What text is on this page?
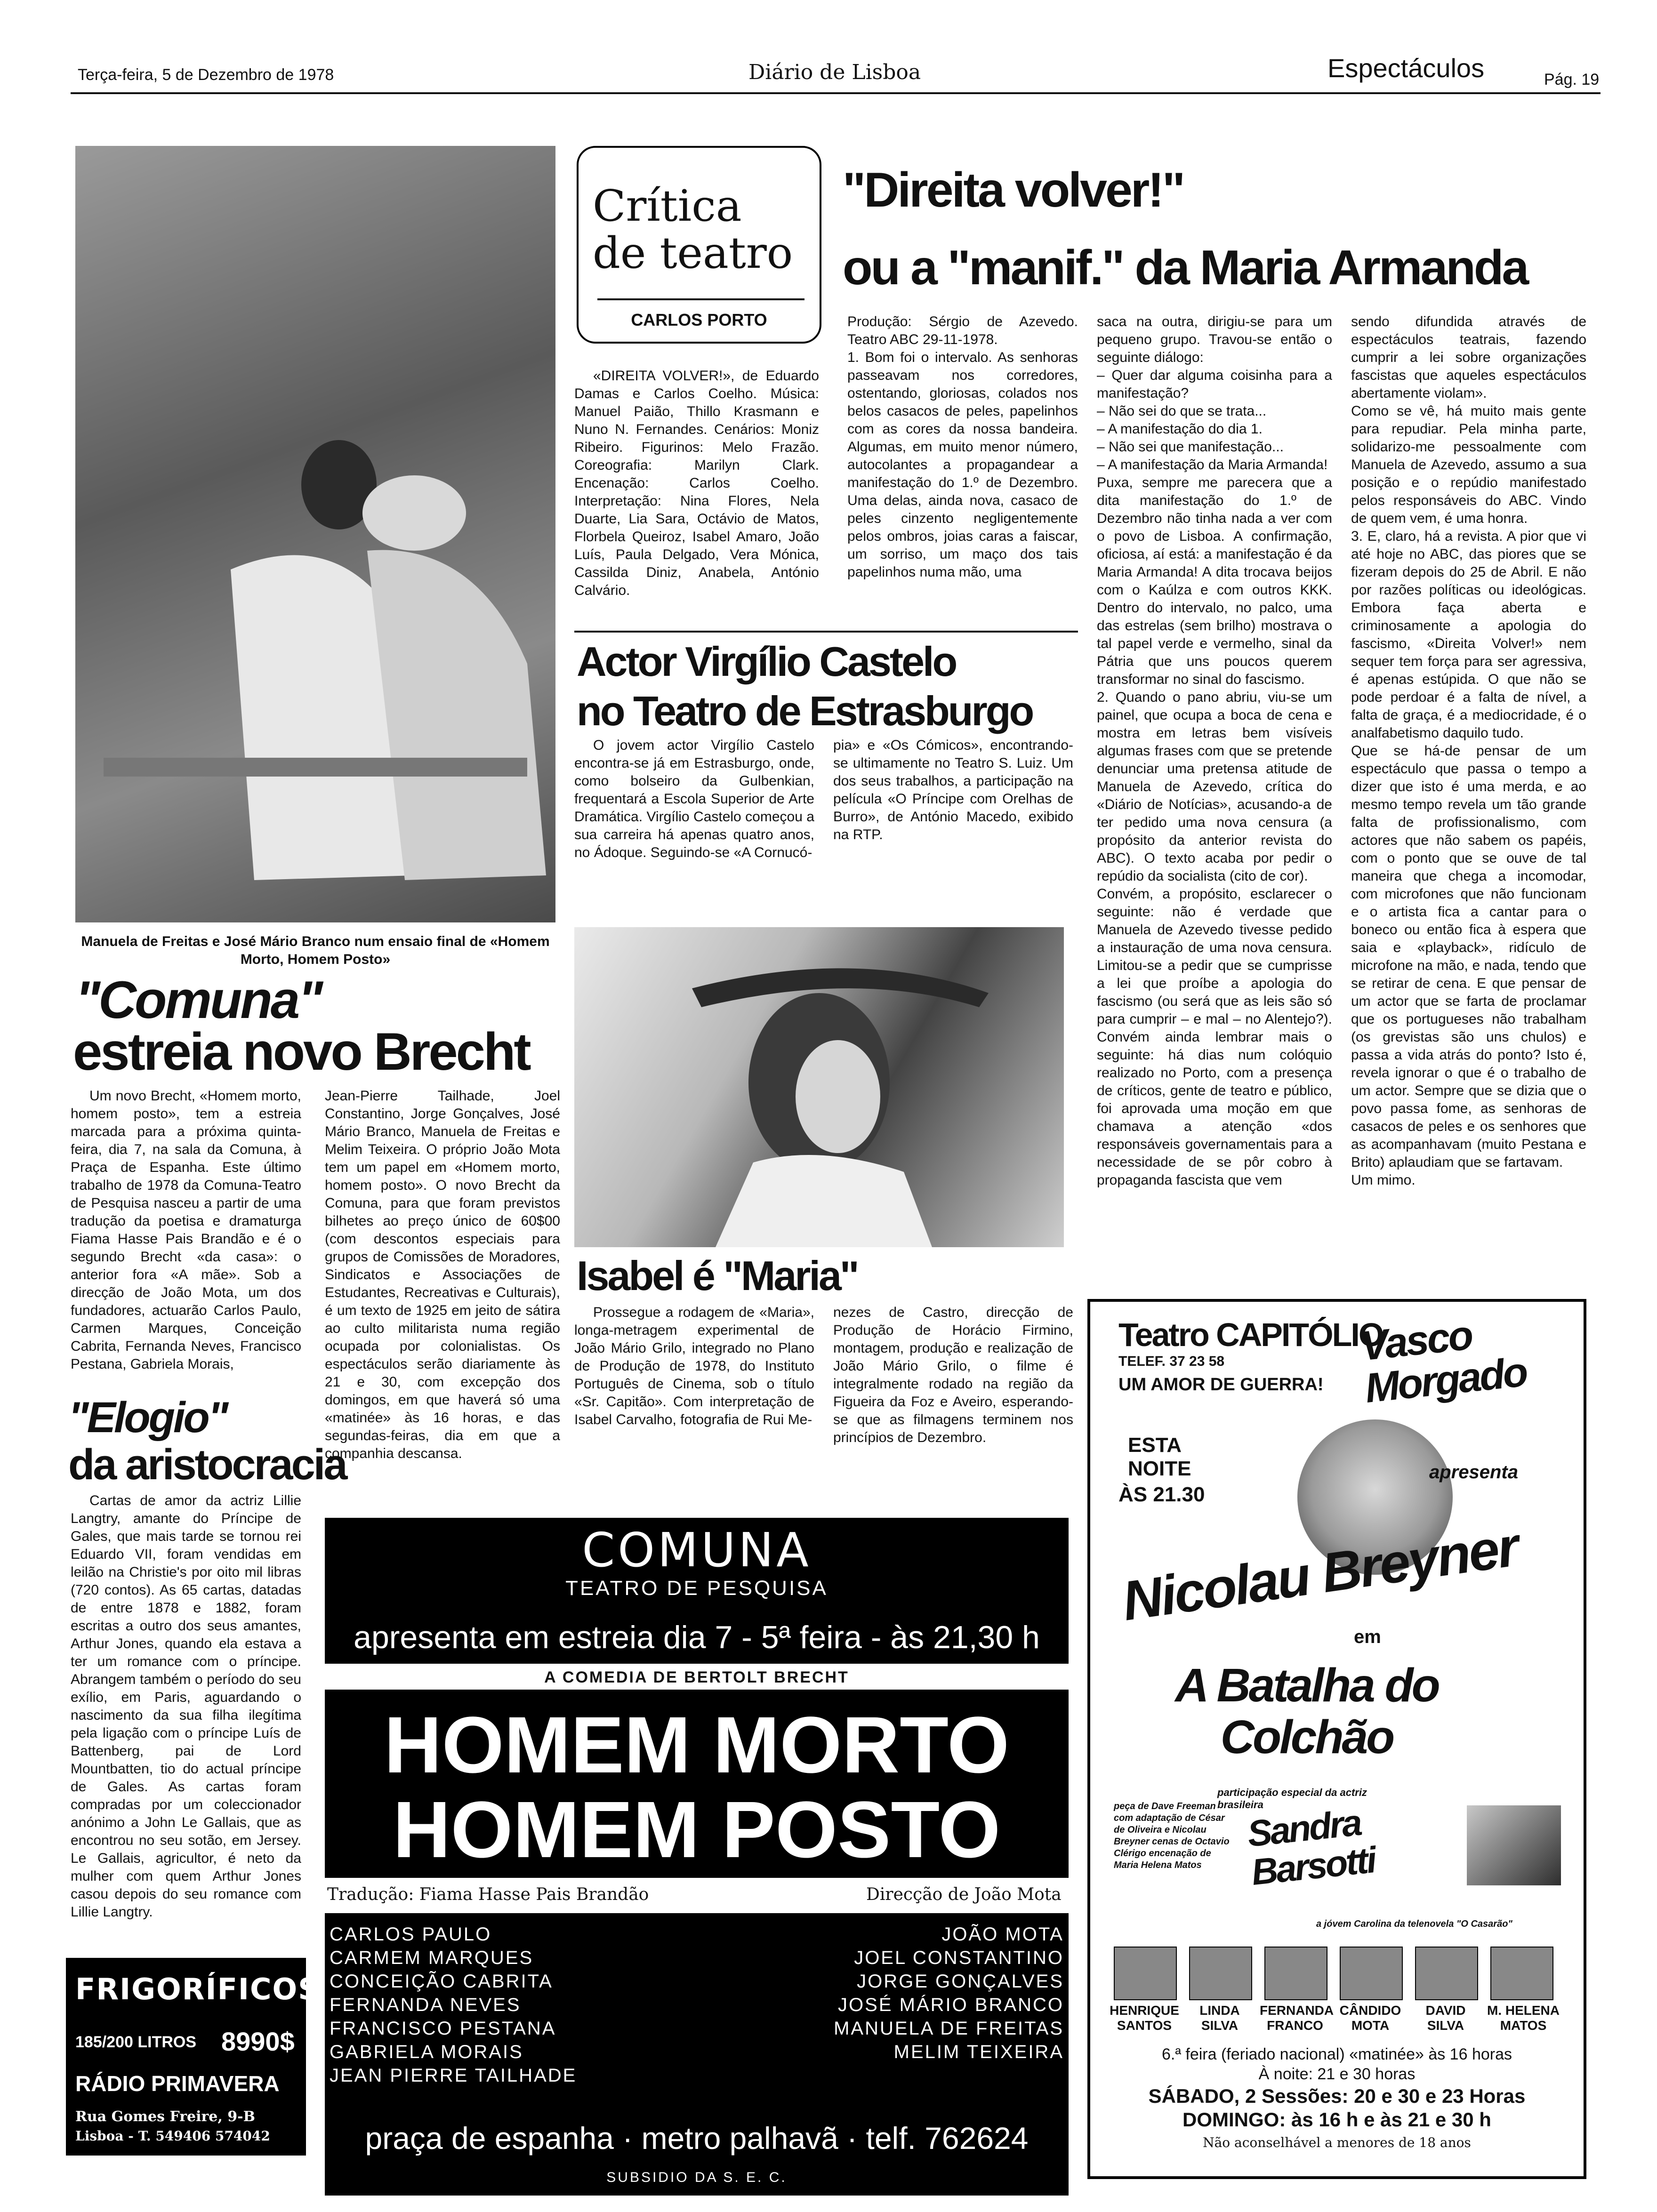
Terça-feira, 5 de Dezembro de 1978	Diário de Lisboa	Espectáculos	Pág. 19
Manuela de Freitas e José Mário Branco num ensaio final de «Homem Morto, Homem Posto»
"Comuna"
estreia novo Brecht
Um novo Brecht, «Homem morto, homem posto», tem a estreia marcada para a próxima quinta-feira, dia 7, na sala da Comuna, à Praça de Espanha. Este último trabalho de 1978 da Comuna-Teatro de Pesquisa nasceu a partir de uma tradução da poetisa e dramaturga Fiama Hasse Pais Brandão e é o segundo Brecht «da casa»: o anterior fora «A mãe». Sob a direcção de João Mota, um dos fundadores, actuarão Carlos Paulo, Carmen Marques, Conceição Cabrita, Fernanda Neves, Francisco Pestana, Gabriela Morais,
Jean-Pierre Tailhade, Joel Constantino, Jorge Gonçalves, José Mário Branco, Manuela de Freitas e Melim Teixeira. O próprio João Mota tem um papel em «Homem morto, homem posto». O novo Brecht da Comuna, para que foram previstos bilhetes ao preço único de 60$00 (com descontos especiais para grupos de Comissões de Moradores, Sindicatos e Associações de Estudantes, Recreativas e Culturais), é um texto de 1925 em jeito de sátira ao culto militarista numa região ocupada por colonialistas. Os espectáculos serão diariamente às 21 e 30, com excepção dos domingos, em que haverá só uma «matinée» às 16 horas, e das segundas-feiras, dia em que a companhia descansa.
"Elogio"
da aristocracia
Cartas de amor da actriz Lillie Langtry, amante do Príncipe de Gales, que mais tarde se tornou rei Eduardo VII, foram vendidas em leilão na Christie's por oito mil libras (720 contos). As 65 cartas, datadas de entre 1878 e 1882, foram escritas a outro dos seus amantes, Arthur Jones, quando ela estava a ter um romance com o príncipe. Abrangem também o período do seu exílio, em Paris, aguardando o nascimento da sua filha ilegítima pela ligação com o príncipe Luís de Battenberg, pai de Lord Mountbatten, tio do actual príncipe de Gales. As cartas foram compradas por um coleccionador anónimo a John Le Gallais, que as encontrou no seu sotão, em Jersey. Le Gallais, agricultor, é neto da mulher com quem Arthur Jones casou depois do seu romance com Lillie Langtry.
FRIGORÍFICOS
185/200 LITROS 8990$
RÁDIO PRIMAVERA
Rua Gomes Freire, 9-B
Lisboa - T. 549406 574042
Crítica
de teatro
CARLOS PORTO
«DIREITA VOLVER!», de Eduardo Damas e Carlos Coelho. Música: Manuel Paião, Thillo Krasmann e Nuno N. Fernandes. Cenários: Moniz Ribeiro. Figurinos: Melo Frazão. Coreografia: Marilyn Clark. Encenação: Carlos Coelho. Interpretação: Nina Flores, Nela Duarte, Lia Sara, Octávio de Matos, Florbela Queiroz, Isabel Amaro, João Luís, Paula Delgado, Vera Mónica, Cassilda Diniz, Anabela, António Calvário.
"Direita volver!"
ou a "manif." da Maria Armanda
Produção: Sérgio de Azevedo. Teatro ABC 29-11-1978.
1. Bom foi o intervalo. As senhoras passeavam nos corredores, ostentando, gloriosas, colados nos belos casacos de peles, papelinhos com as cores da nossa bandeira. Algumas, em muito menor número, autocolantes a propagandear a manifestação do 1.º de Dezembro. Uma delas, ainda nova, casaco de peles cinzento negligentemente pelos ombros, joias caras a faiscar, um sorriso, um maço dos tais papelinhos numa mão, uma
saca na outra, dirigiu-se para um pequeno grupo. Travou-se então o seguinte diálogo:
– Quer dar alguma coisinha para a manifestação?
– Não sei do que se trata...
– A manifestação do dia 1.
– Não sei que manifestação...
– A manifestação da Maria Armanda!
Puxa, sempre me parecera que a dita manifestação do 1.º de Dezembro não tinha nada a ver com o povo de Lisboa. A confirmação, oficiosa, aí está: a manifestação é da Maria Armanda! A dita trocava beijos com o Kaúlza e com outros KKK. Dentro do intervalo, no palco, uma das estrelas (sem brilho) mostrava o tal papel verde e vermelho, sinal da Pátria que uns poucos querem transformar no sinal do fascismo.
2. Quando o pano abriu, viu-se um painel, que ocupa a boca de cena e mostra em letras bem visíveis algumas frases com que se pretende denunciar uma pretensa atitude de Manuela de Azevedo, crítica do «Diário de Notícias», acusando-a de ter pedido uma nova censura (a propósito da anterior revista do ABC). O texto acaba por pedir o repúdio da socialista (cito de cor).
Convém, a propósito, esclarecer o seguinte: não é verdade que Manuela de Azevedo tivesse pedido a instauração de uma nova censura. Limitou-se a pedir que se cumprisse a lei que proíbe a apologia do fascismo (ou será que as leis são só para cumprir – e mal – no Alentejo?). Convém ainda lembrar mais o seguinte: há dias num colóquio realizado no Porto, com a presença de críticos, gente de teatro e público, foi aprovada uma moção em que chamava a atenção «dos responsáveis governamentais para a necessidade de se pôr cobro à propaganda fascista que vem
sendo difundida através de espectáculos teatrais, fazendo cumprir a lei sobre organizações fascistas que aqueles espectáculos abertamente violam».
Como se vê, há muito mais gente para repudiar. Pela minha parte, solidarizo-me pessoalmente com Manuela de Azevedo, assumo a sua posição e o repúdio manifestado pelos responsáveis do ABC. Vindo de quem vem, é uma honra.
3. E, claro, há a revista. A pior que vi até hoje no ABC, das piores que se fizeram depois do 25 de Abril. E não por razões políticas ou ideológicas. Embora faça aberta e criminosamente a apologia do fascismo, «Direita Volver!» nem sequer tem força para ser agressiva, é apenas estúpida. O que não se pode perdoar é a falta de nível, a falta de graça, é a mediocridade, é o analfabetismo daquilo tudo.
Que se há-de pensar de um espectáculo que passa o tempo a dizer que isto é uma merda, e ao mesmo tempo revela um tão grande falta de profissionalismo, com actores que não sabem os papéis, com o ponto que se ouve de tal maneira que chega a incomodar, com microfones que não funcionam e o artista fica a cantar para o boneco ou então fica à espera que saia e «playback», ridículo de microfone na mão, e nada, tendo que se retirar de cena. E que pensar de um actor que se farta de proclamar que os portugueses não trabalham (os grevistas são uns chulos) e passa a vida atrás do ponto? Isto é, revela ignorar o que é o trabalho de um actor. Sempre que se dizia que o povo passa fome, as senhoras de casacos de peles e os senhores que as acompanhavam (muito Pestana e Brito) aplaudiam que se fartavam.
Um mimo.
Actor Virgílio Castelo
no Teatro de Estrasburgo
O jovem actor Virgílio Castelo encontra-se já em Estrasburgo, onde, como bolseiro da Gulbenkian, frequentará a Escola Superior de Arte Dramática. Virgílio Castelo começou a sua carreira há apenas quatro anos, no Ádoque. Seguindo-se «A Cornucó-
pia» e «Os Cómicos», encontrando-se ultimamente no Teatro S. Luiz. Um dos seus trabalhos, a participação na película «O Príncipe com Orelhas de Burro», de António Macedo, exibido na RTP.
Isabel é "Maria"
Prossegue a rodagem de «Maria», longa-metragem experimental de João Mário Grilo, integrado no Plano de Produção de 1978, do Instituto Português de Cinema, sob o título «Sr. Capitão». Com interpretação de Isabel Carvalho, fotografia de Rui Me-
nezes de Castro, direcção de Produção de Horácio Firmino, montagem, produção e realização de João Mário Grilo, o filme é integralmente rodado na região da Figueira da Foz e Aveiro, esperando-se que as filmagens terminem nos princípios de Dezembro.
COMUNA
TEATRO DE PESQUISA
apresenta em estreia dia 7 - 5ª feira - às 21,30 h
A COMEDIA DE BERTOLT BRECHT
HOMEM MORTO
HOMEM POSTO
Tradução: Fiama Hasse Pais Brandão	Direcção de João Mota
CARLOS PAULO
CARMEM MARQUES
CONCEIÇÃO CABRITA
FERNANDA NEVES
FRANCISCO PESTANA
GABRIELA MORAIS
JEAN PIERRE TAILHADE
JOÃO MOTA
JOEL CONSTANTINO
JORGE GONÇALVES
JOSÉ MÁRIO BRANCO
MANUELA DE FREITAS
MELIM TEIXEIRA
praça de espanha · metro palhavã · telf. 762624
SUBSIDIO DA S. E. C.
Teatro CAPITÓLIO
TELEF. 37 23 58
UM AMOR DE GUERRA!
Vasco Morgado
ESTA
NOITE
ÀS 21.30
apresenta
Nicolau Breyner
em
A Batalha do Colchão
participação especial da actriz brasileira
Sandra Barsotti
peça de Dave Freeman com adaptação de César de Oliveira e Nicolau Breyner cenas de Octavio Clérigo encenação de Maria Helena Matos
a jóvem Carolina da telenovela "O Casarão"
HENRIQUE SANTOS
LINDA SILVA
FERNANDA FRANCO
CÂNDIDO MOTA
DAVID SILVA
M. HELENA MATOS
6.ª feira (feriado nacional) «matinée» às 16 horas
À noite: 21 e 30 horas
SÁBADO, 2 Sessões: 20 e 30 e 23 Horas
DOMINGO: às 16 h e às 21 e 30 h
Não aconselhável a menores de 18 anos
